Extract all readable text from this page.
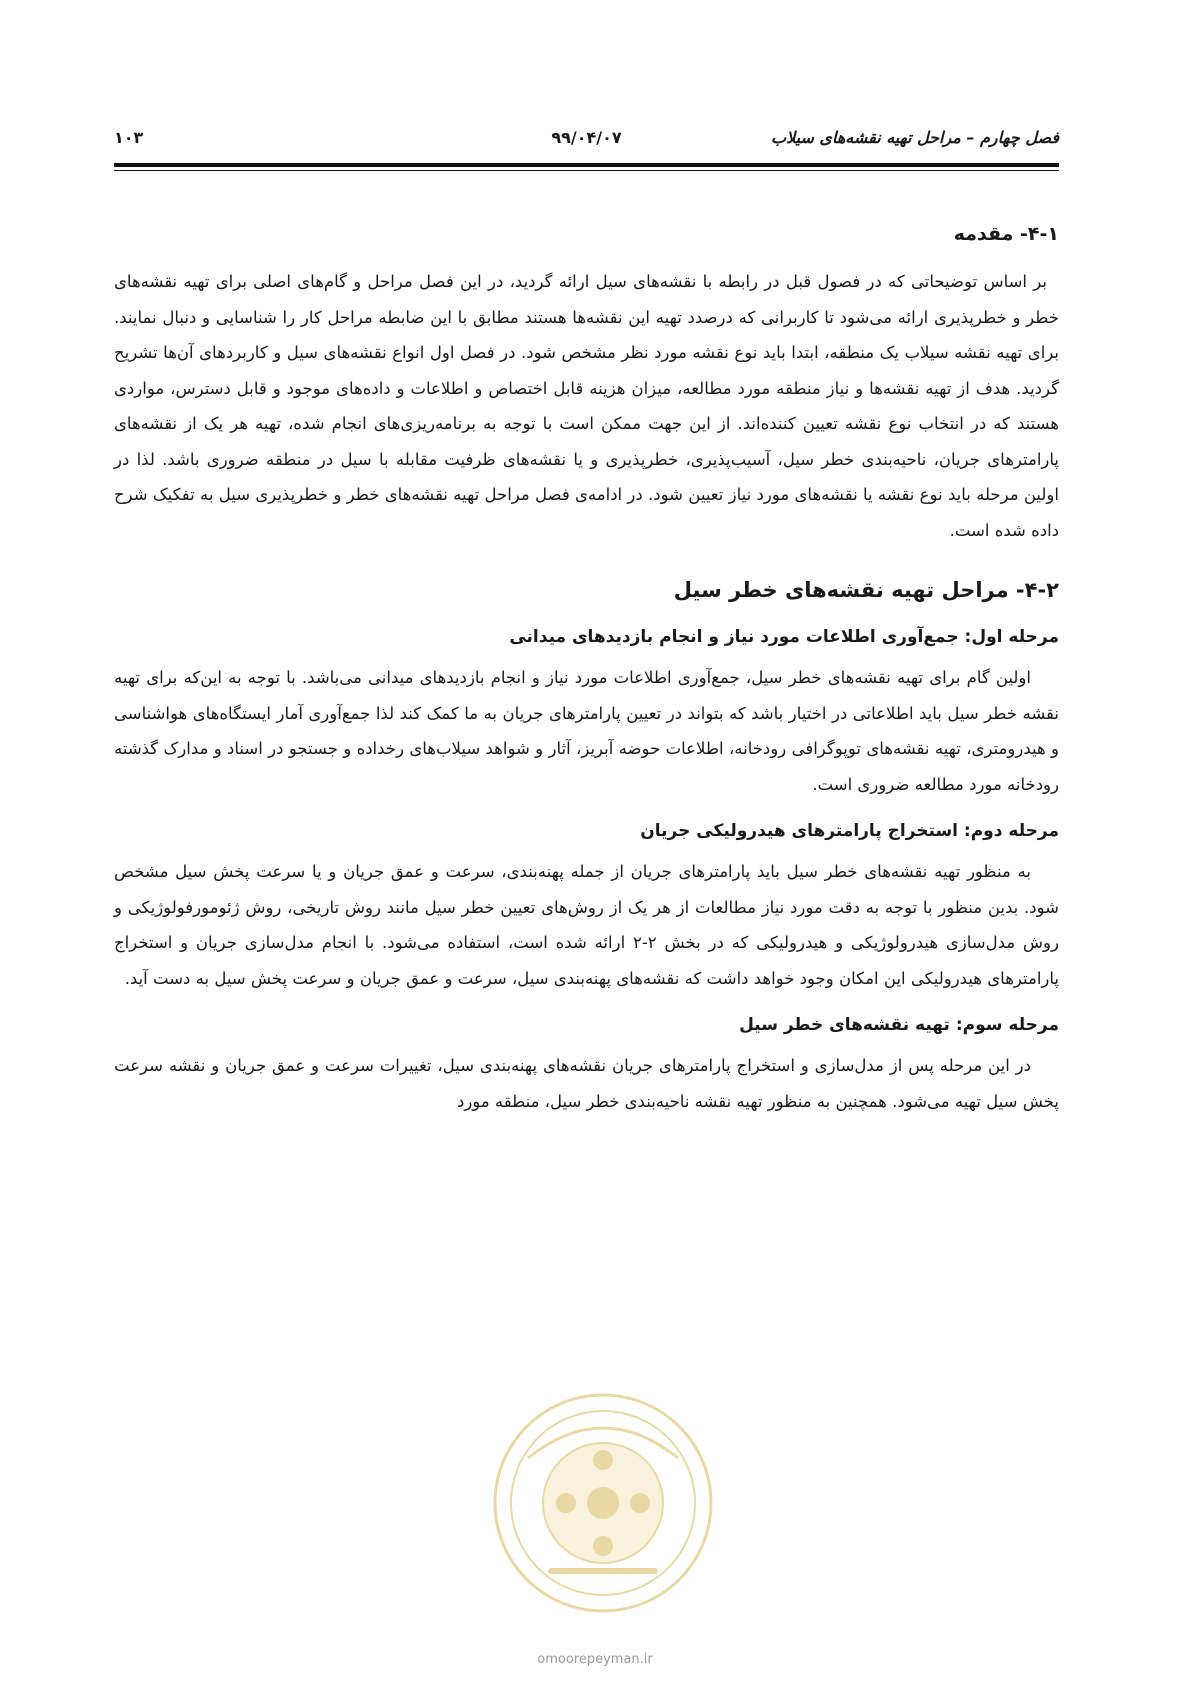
فصل چهارم – مراحل تهیه نقشه‌های سیلاب
۹۹/۰۴/۰۷
۱۰۳
۴-۱- مقدمه

بر اساس توضیحاتی که در فصول قبل در رابطه با نقشه‌های سیل ارائه گردید، در این فصل مراحل و گام‌های اصلی برای تهیه نقشه‌های خطر و خطرپذیری ارائه می‌شود تا کاربرانی که درصدد تهیه این نقشه‌ها هستند مطابق با این ضابطه مراحل کار را شناسایی و دنبال نمایند. برای تهیه نقشه سیلاب یک منطقه، ابتدا باید نوع نقشه مورد نظر مشخص شود. در فصل اول انواع نقشه‌های سیل و کاربردهای آن‌ها تشریح گردید. هدف از تهیه نقشه‌ها و نیاز منطقه مورد مطالعه، میزان هزینه قابل اختصاص و اطلاعات و داده‌های موجود و قابل دسترس، مواردی هستند که در انتخاب نوع نقشه تعیین کننده‌اند. از این جهت ممکن است با توجه به برنامه‌ریزی‌های انجام شده، تهیه هر یک از نقشه‌های پارامترهای جریان، ناحیه‌بندی خطر سیل، آسیب‌پذیری، خطرپذیری و یا نقشه‌های ظرفیت مقابله با سیل در منطقه ضروری باشد. لذا در اولین مرحله باید نوع نقشه یا نقشه‌های مورد نیاز تعیین شود. در ادامه‌ی فصل مراحل تهیه نقشه‌های خطر و خطرپذیری سیل به تفکیک شرح داده شده است.

۴-۲- مراحل تهیه نقشه‌های خطر سیل
مرحله اول: جمع‌آوری اطلاعات مورد نیاز و انجام بازدیدهای میدانی

اولین گام برای تهیه نقشه‌های خطر سیل، جمع‌آوری اطلاعات مورد نیاز و انجام بازدیدهای میدانی می‌باشد. با توجه به این‌که برای تهیه نقشه خطر سیل باید اطلاعاتی در اختیار باشد که بتواند در تعیین پارامترهای جریان به ما کمک کند لذا جمع‌آوری آمار ایستگاه‌های هواشناسی و هیدرومتری، تهیه نقشه‌های توپوگرافی رودخانه، اطلاعات حوضه آبریز، آثار و شواهد سیلاب‌های رخداده و جستجو در اسناد و مدارک گذشته رودخانه مورد مطالعه ضروری است.

مرحله دوم: استخراج پارامترهای هیدرولیکی جریان

به منظور تهیه نقشه‌های خطر سیل باید پارامترهای جریان از جمله پهنه‌بندی، سرعت و عمق جریان و یا سرعت پخش سیل مشخص شود. بدین منظور با توجه به دقت مورد نیاز مطالعات از هر یک از روش‌های تعیین خطر سیل مانند روش تاریخی، روش ژئومورفولوژیکی و روش مدل‌سازی هیدرولوژیکی و هیدرولیکی که در بخش ۲-۲ ارائه شده است، استفاده می‌شود. با انجام مدل‌سازی جریان و استخراج پارامترهای هیدرولیکی این امکان وجود خواهد داشت که نقشه‌های پهنه‌بندی سیل، سرعت و عمق جریان و سرعت پخش سیل به دست آید.

مرحله سوم: تهیه نقشه‌های خطر سیل

در این مرحله پس از مدل‌سازی و استخراج پارامترهای جریان نقشه‌های پهنه‌بندی سیل، تغییرات سرعت و عمق جریان و نقشه سرعت پخش سیل تهیه می‌شود. همچنین به منظور تهیه نقشه ناحیه‌بندی خطر سیل، منطقه مورد

omoorepeyman.ir
